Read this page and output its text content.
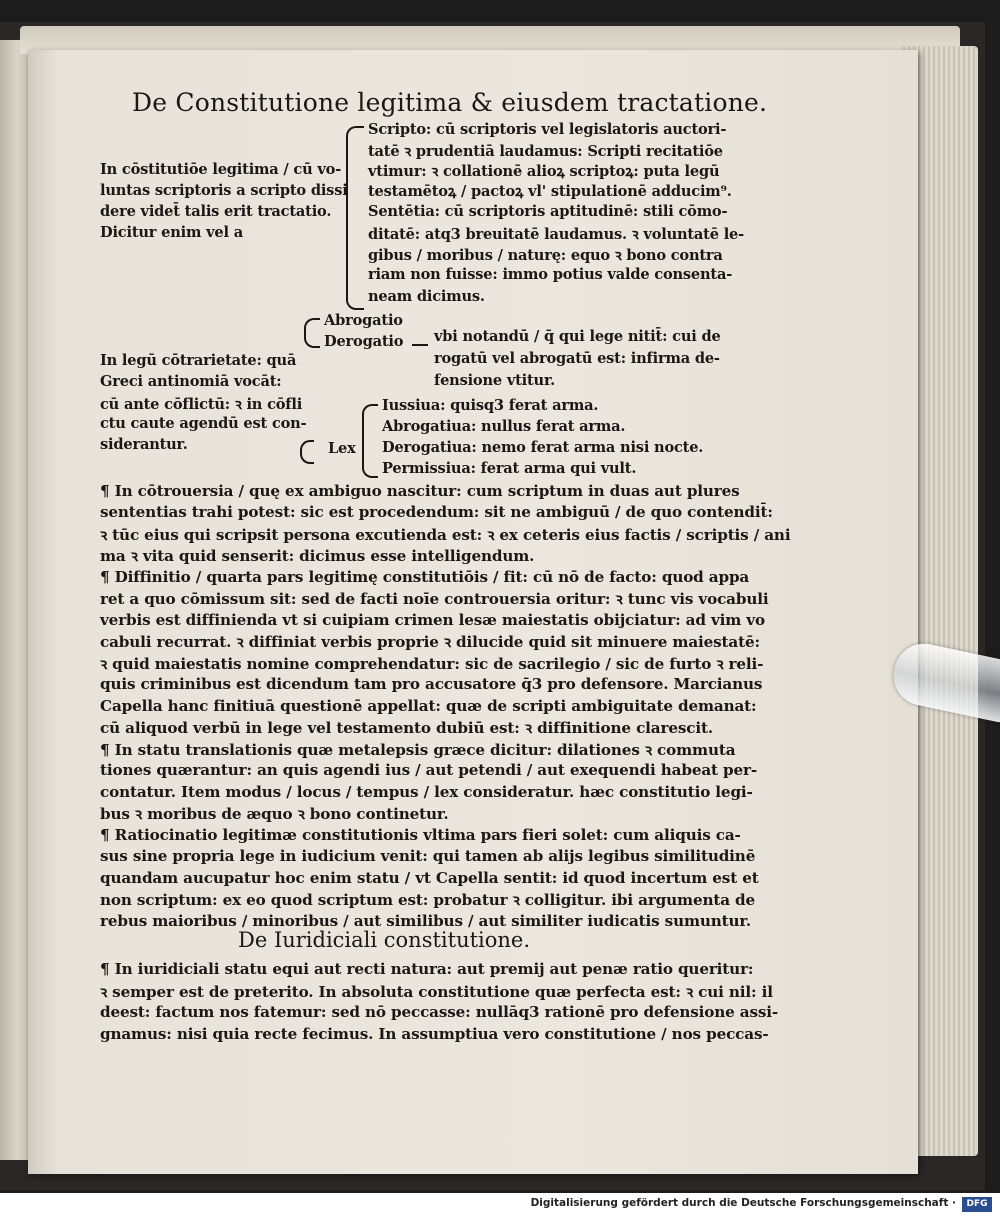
De Constitutione legitima & eiusdem tractatione.
Scripto: cū scriptoris vel legislatoris auctori-
tatē ꝛ prudentiā laudamus: Scripti recitatiōe
vtimur: ꝛ collationē alioꝝ scriptoꝝ: puta legū
testamētoꝝ / pactoꝝ vl' stipulationē adducim⁹.
Sentētia: cū scriptoris aptitudinē: stili cōmo-
ditatē: atq3 breuitatē laudamus. ꝛ voluntatē le-
gibus / moribus / naturę: equo ꝛ bono contra
riam non fuisse: immo potius valde consenta-
neam dicimus.
In cōstitutiōe legitima / cū vo-
luntas scriptoris a scripto dissi
dere videt̄ talis erit tractatio.
Dicitur enim vel a
Abrogatio
Derogatio vbi notandū / q̄ qui lege nitit̄: cui de
rogatū vel abrogatū est: infirma de-
fensione vtitur.
In legū cōtrarietate: quā
Greci antinomiā vocāt:
cū ante cōflictū: ꝛ in cōfli
ctu caute agendū est con-
siderantur.	Lex
Iussiua: quisq3 ferat arma.
Abrogatiua: nullus ferat arma.
Derogatiua: nemo ferat arma nisi nocte.
Permissiua: ferat arma qui vult.
¶ In cōtrouersia / quę ex ambiguo nascitur: cum scriptum in duas aut plures
sententias trahi potest: sic est procedendum: sit ne ambiguū / de quo contendit̄:
ꝛ tūc eius qui scripsit persona excutienda est: ꝛ ex ceteris eius factis / scriptis / ani
ma ꝛ vita quid senserit: dicimus esse intelligendum.
¶ Diffinitio / quarta pars legitimę constitutiōis / fit: cū nō de facto: quod appa
ret a quo cōmissum sit: sed de facti noīe controuersia oritur: ꝛ tunc vis vocabuli
verbis est diffinienda vt si cuipiam crimen lesæ maiestatis obijciatur: ad vim vo
cabuli recurrat. ꝛ diffiniat verbis proprie ꝛ dilucide quid sit minuere maiestatē:
ꝛ quid maiestatis nomine comprehendatur: sic de sacrilegio / sic de furto ꝛ reli-
quis criminibus est dicendum tam pro accusatore q̄3 pro defensore. Marcianus
Capella hanc finitiuā questionē appellat: quæ de scripti ambiguitate demanat:
cū aliquod verbū in lege vel testamento dubiū est: ꝛ diffinitione clarescit.
¶ In statu translationis quæ metalepsis græce dicitur: dilationes ꝛ commuta
tiones quærantur: an quis agendi ius / aut petendi / aut exequendi habeat per-
contatur. Item modus / locus / tempus / lex consideratur. hæc constitutio legi-
bus ꝛ moribus de æquo ꝛ bono continetur.
¶ Ratiocinatio legitimæ constitutionis vltima pars fieri solet: cum aliquis ca-
sus sine propria lege in iudicium venit: qui tamen ab alijs legibus similitudinē
quandam aucupatur hoc enim statu / vt Capella sentit: id quod incertum est et
non scriptum: ex eo quod scriptum est: probatur ꝛ colligitur. ibi argumenta de
rebus maioribus / minoribus / aut similibus / aut similiter iudicatis sumuntur.
De Iuridiciali constitutione.
¶ In iuridiciali statu equi aut recti natura: aut premij aut penæ ratio queritur:
ꝛ semper est de preterito. In absoluta constitutione quæ perfecta est: ꝛ cui nil: il
deest: factum nos fatemur: sed nō peccasse: nullāq3 rationē pro defensione assi-
gnamus: nisi quia recte fecimus. In assumptiua vero constitutione / nos peccas-
Digitalisierung gefördert durch die Deutsche Forschungsgemeinschaft ·	DFG
